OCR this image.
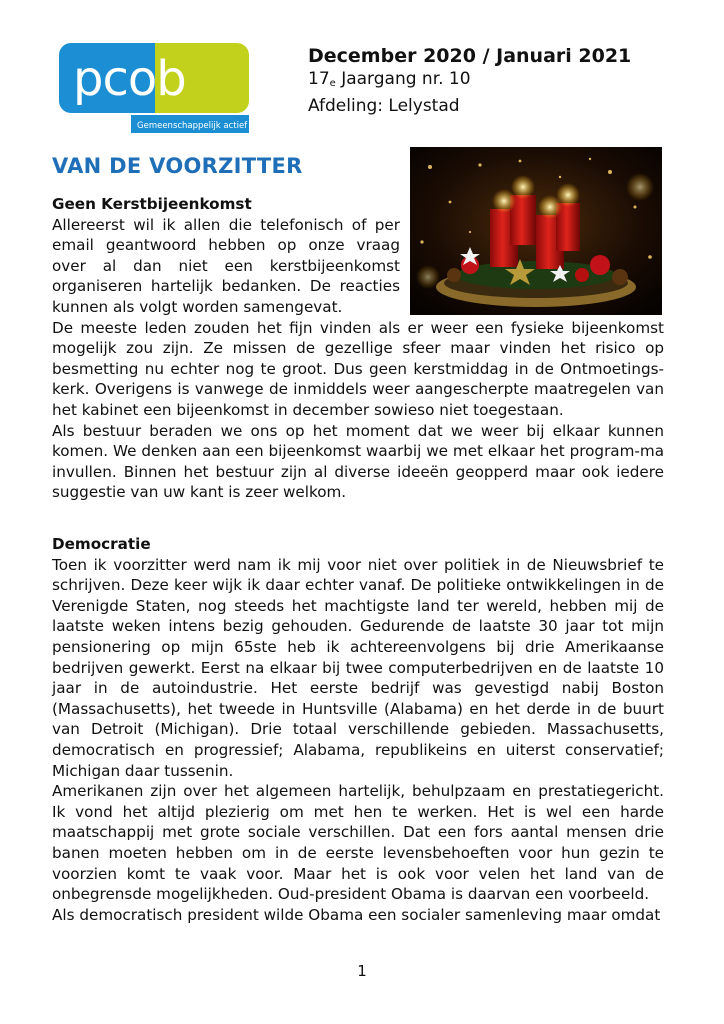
pcob
Gemeenschappelijk actief
December 2020 / Januari 2021
$17_e$ Jaargang nr. 10
Afdeling: Lelystad
VAN DE VOORZITTER

Geen Kerstbijeenkomst

Allereerst wil ik allen die telefonisch of per email geantwoord hebben op onze vraag over al dan niet een kerstbijeenkomst organiseren hartelijk bedanken. De reacties kunnen als volgt worden samengevat.

De meeste leden zouden het fijn vinden als er weer een fysieke bijeenkomst mogelijk zou zijn. Ze missen de gezellige sfeer maar vinden het risico op besmetting nu echter nog te groot. Dus geen kerstmiddag in de Ontmoetings-kerk. Overigens is vanwege de inmiddels weer aangescherpte maatregelen van het kabinet een bijeenkomst in december sowieso niet toegestaan.

Als bestuur beraden we ons op het moment dat we weer bij elkaar kunnen komen. We denken aan een bijeenkomst waarbij we met elkaar het program-ma invullen. Binnen het bestuur zijn al diverse ideeën geopperd maar ook iedere suggestie van uw kant is zeer welkom.

Democratie

Toen ik voorzitter werd nam ik mij voor niet over politiek in de Nieuwsbrief te schrijven. Deze keer wijk ik daar echter vanaf. De politieke ontwikkelingen in de Verenigde Staten, nog steeds het machtigste land ter wereld, hebben mij de laatste weken intens bezig gehouden. Gedurende de laatste 30 jaar tot mijn pensionering op mijn 65ste heb ik achtereenvolgens bij drie Amerikaanse bedrijven gewerkt. Eerst na elkaar bij twee computerbedrijven en de laatste 10 jaar in de autoindustrie. Het eerste bedrijf was gevestigd nabij Boston (Massachusetts), het tweede in Huntsville (Alabama) en het derde in de buurt van Detroit (Michigan). Drie totaal verschillende gebieden. Massachusetts, democratisch en progressief; Alabama, republikeins en uiterst conservatief; Michigan daar tussenin.

Amerikanen zijn over het algemeen hartelijk, behulpzaam en prestatiegericht. Ik vond het altijd plezierig om met hen te werken. Het is wel een harde maatschappij met grote sociale verschillen. Dat een fors aantal mensen drie banen moeten hebben om in de eerste levensbehoeften voor hun gezin te voorzien komt te vaak voor. Maar het is ook voor velen het land van de onbegrensde mogelijkheden. Oud-president Obama is daarvan een voorbeeld.

Als democratisch president wilde Obama een socialer samenleving maar omdat

1
